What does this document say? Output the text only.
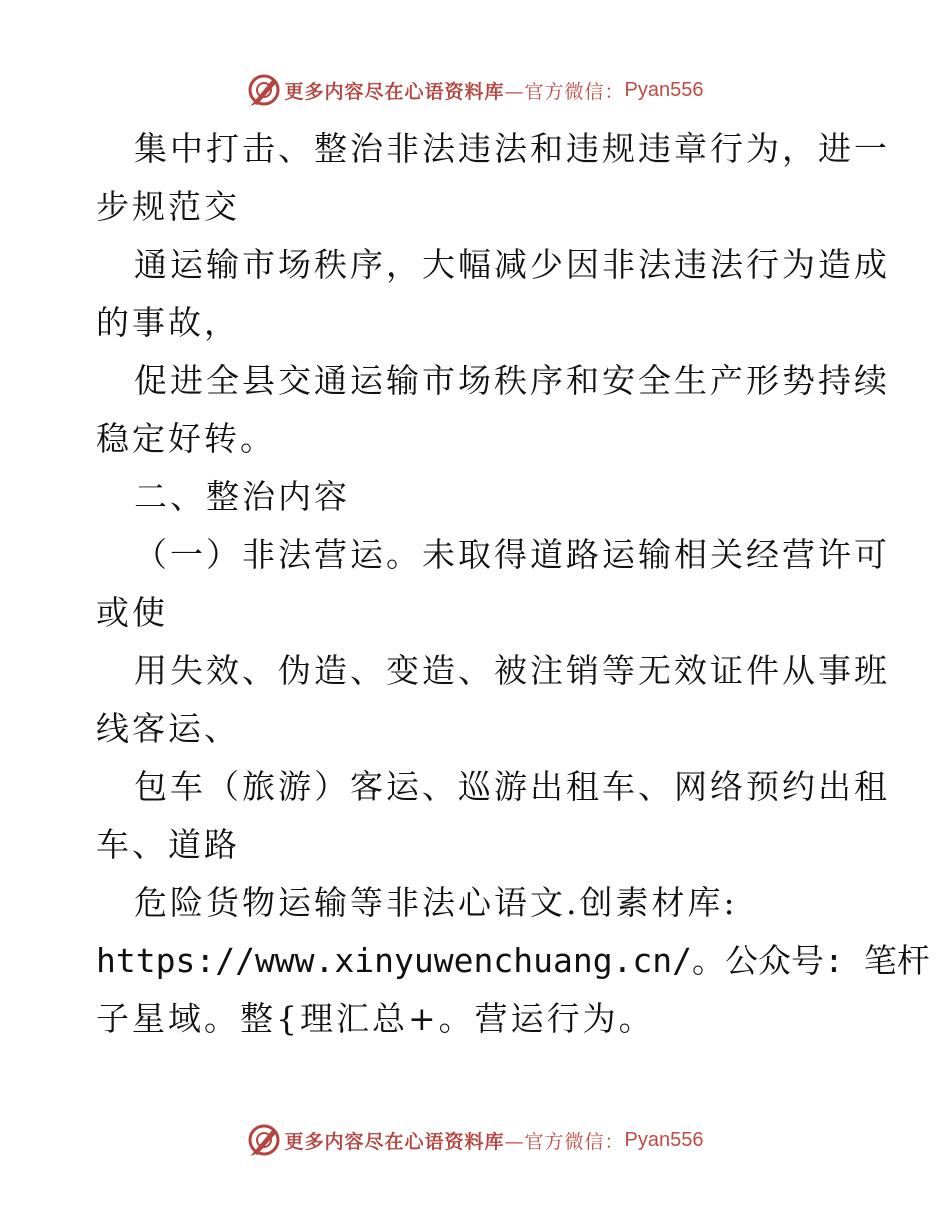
更多内容尽在心语资料库 —官方微信： Pyan556
集中打击、整治非法违法和违规违章行为，进一
步规范交
通运输市场秩序，大幅减少因非法违法行为造成
的事故，
促进全县交通运输市场秩序和安全生产形势持续
稳定好转。
二、整治内容
（一）非法营运。未取得道路运输相关经营许可
或使
用失效、伪造、变造、被注销等无效证件从事班
线客运、
包车（旅游）客运、巡游出租车、网络预约出租
车、道路
危险货物运输等非法心语文.创素材库:
https://www.xinyuwenchuang.cn/。公众号: 笔杆
子星域。整{理汇总+。营运行为。
更多内容尽在心语资料库 —官方微信： Pyan556
